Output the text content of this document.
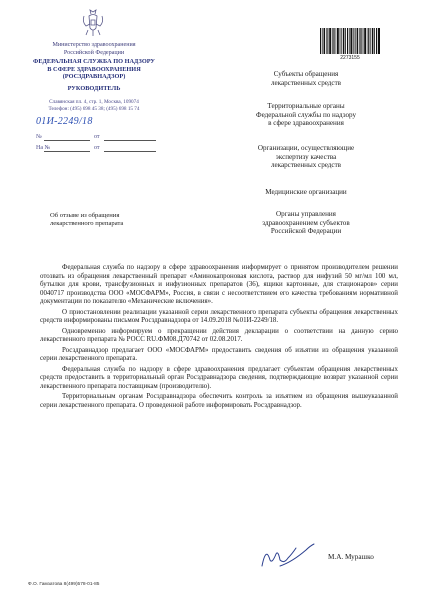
Министерство здравоохранения
Российской Федерации
ФЕДЕРАЛЬНАЯ СЛУЖБА ПО НАДЗОРУ
В СФЕРЕ ЗДРАВООХРАНЕНИЯ
(РОСЗДРАВНАДЗОР)
РУКОВОДИТЕЛЬ
Славянская пл. 4, стр. 1, Москва, 109074
Телефон: (495) 698 45 38; (495) 698 15 74
01И-2249/18
№	от
На №	от
Об отзыве из обращения
лекарственного препарата
2273155
Субъекты обращения
лекарственных средств
Территориальные органы
Федеральной службы по надзору
в сфере здравоохранения
Организации, осуществляющие
экспертизу качества
лекарственных средств
Медицинские организации
Органы управления
здравоохранением субъектов
Российской Федерации

Федеральная служба по надзору в сфере здравоохранения информирует о принятом производителем решении отозвать из обращения лекарственный препарат «Аминокапроновая кислота, раствор для инфузий 50 мг/мл 100 мл, бутылки для крови, трансфузионных и инфузионных препаратов (36), ящики картонные, для стационаров» серии 0040717 производства ООО «МОСФАРМ», Россия, в связи с несоответствием его качества требованиям нормативной документации по показателю «Механические включения».

О приостановлении реализации указанной серии лекарственного препарата субъекты обращения лекарственных средств информированы письмом Росздравнадзора от 14.09.2018 №01И-2249/18.

Одновременно информируем о прекращении действия декларации о соответствии на данную серию лекарственного препарата № РОСС RU.ФМ08.Д70742 от 02.08.2017.

Росздравнадзор предлагает ООО «МОСФАРМ» предоставить сведения об изъятии из обращения указанной серии лекарственного препарата.

Федеральная служба по надзору в сфере здравоохранения предлагает субъектам обращения лекарственных средств предоставить в территориальный орган Росздравнадзора сведения, подтверждающие возврат указанной серии лекарственного препарата поставщикам (производителю).

Территориальным органам Росздравнадзора обеспечить контроль за изъятием из обращения вышеуказанной серии лекарственного препарата. О проведенной работе информировать Росздравнадзор.

М.А. Мурашко
Ф.О. Гамзатова 8(499)578-01-85
